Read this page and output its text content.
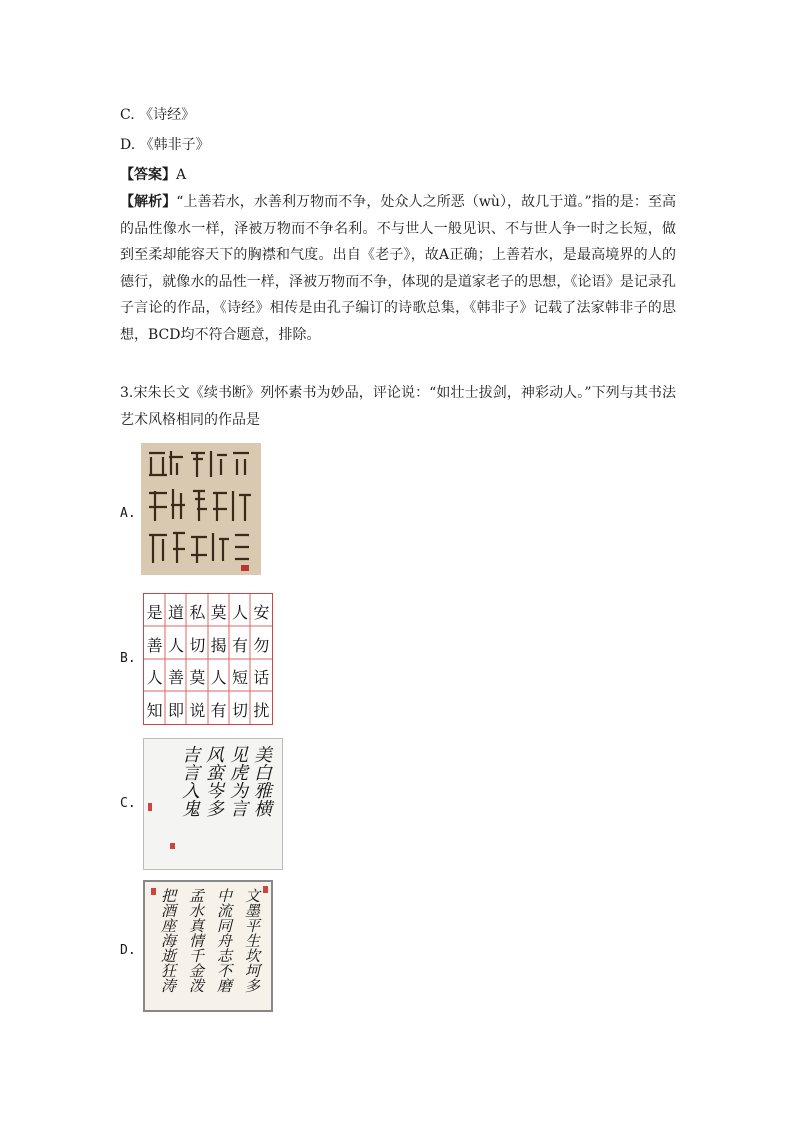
C. 《诗经》
D. 《韩非子》
【答案】A
【解析】“上善若水，水善利万物而不争，处众人之所恶（wù），故几于道。”指的是：至高的品性像水一样，泽被万物而不争名利。不与世人一般见识、不与世人争一时之长短，做到至柔却能容天下的胸襟和气度。出自《老子》，故A正确；上善若水，是最高境界的人的德行，就像水的品性一样，泽被万物而不争，体现的是道家老子的思想，《论语》是记录孔子言论的作品，《诗经》相传是由孔子编订的诗歌总集，《韩非子》记载了法家韩非子的思想，BCD均不符合题意，排除。
3.宋朱长文《续书断》列怀素书为妙品，评论说：“如壮士拔剑，神彩动人。”下列与其书法艺术风格相同的作品是
A.
B.
是 道 私 莫 人 安
善 人 切 揭 有 勿
人 善 莫 人 短 话
知 即 说 有 切 扰
C.	美白雅横
见虎为言
风蛮岑多
吉言入鬼
D.	文墨平生坎坷多
中流同舟志不磨
孟水真情千金泼
把酒座海逝狂涛
